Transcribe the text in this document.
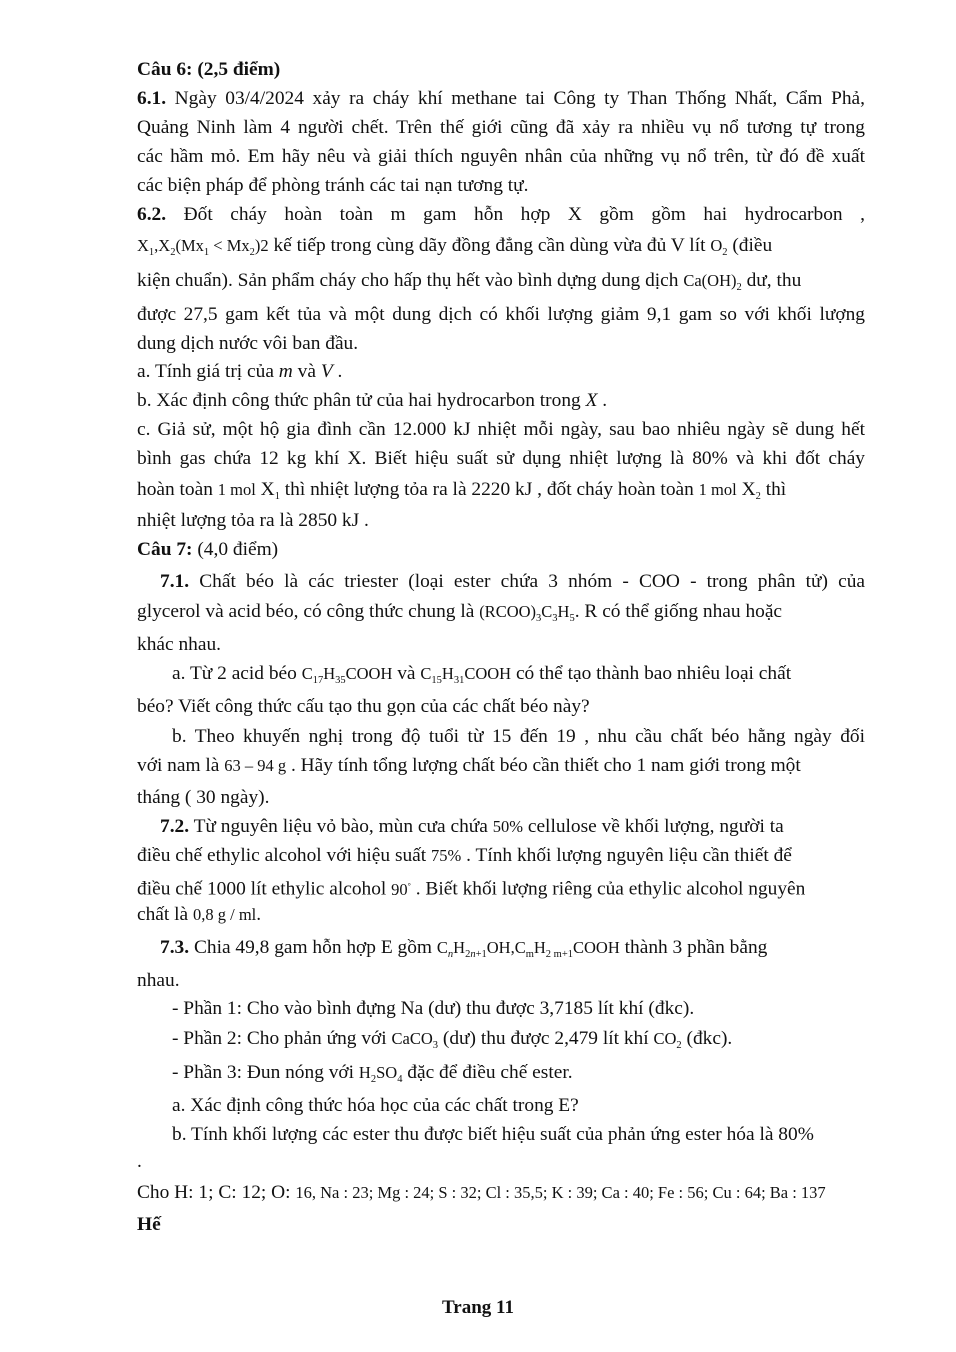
Câu 6: (2,5 điểm)
6.1. Ngày 03/4/2024 xảy ra cháy khí methane tai Công ty Than Thống Nhất, Cẩm Phả,
Quảng Ninh làm 4 người chết. Trên thế giới cũng đã xảy ra nhiều vụ nổ tương tự trong
các hầm mỏ. Em hãy nêu và giải thích nguyên nhân của những vụ nổ trên, từ đó đề xuất
các biện pháp để phòng tránh các tai nạn tương tự.
6.2. Đốt cháy hoàn toàn m gam hỗn hợp X gồm gồm hai hydrocarbon ,
$X_1,X_2(Mx_1 < Mx_2)2$ kế tiếp trong cùng dãy đồng đẳng cần dùng vừa đủ V lít $O_2$ (điều
kiện chuẩn). Sản phẩm cháy cho hấp thụ hết vào bình dựng dung dịch $Ca(OH)_2$ dư, thu
được 27,5 gam kết tủa và một dung dịch có khối lượng giảm 9,1 gam so với khối lượng
dung dịch nước vôi ban đầu.
a. Tính giá trị của m và V .
b. Xác định công thức phân tử của hai hydrocarbon trong X .
c. Giả sử, một hộ gia đình cần 12.000 kJ nhiệt mỗi ngày, sau bao nhiêu ngày sẽ dung hết
bình gas chứa 12 kg khí X. Biết hiệu suất sử dụng nhiệt lượng là 80% và khi đốt cháy
hoàn toàn 1 mol $X_1$ thì nhiệt lượng tỏa ra là 2220 kJ , đốt cháy hoàn toàn 1 mol $X_2$ thì
nhiệt lượng tỏa ra là 2850 kJ .
Câu 7: (4,0 điểm)
7.1. Chất béo là các triester (loại ester chứa 3 nhóm - COO - trong phân tử) của
glycerol và acid béo, có công thức chung là $(RCOO)_3C_3H_5$. R có thể giống nhau hoặc
khác nhau.
a. Từ 2 acid béo $C_{17}H_{35}COOH$ và $C_{15}H_{31}COOH$ có thể tạo thành bao nhiêu loại chất
béo? Viết công thức cấu tạo thu gọn của các chất béo này?
b. Theo khuyến nghị trong độ tuổi từ 15 đến 19 , nhu cầu chất béo hằng ngày đối
với nam là 63 – 94 g . Hãy tính tổng lượng chất béo cần thiết cho 1 nam giới trong một
tháng ( 30 ngày).
7.2. Từ nguyên liệu vỏ bào, mùn cưa chứa 50% cellulose về khối lượng, người ta
điều chế ethylic alcohol với hiệu suất 75% . Tính khối lượng nguyên liệu cần thiết để
điều chế 1000 lít ethylic alcohol 90° . Biết khối lượng riêng của ethylic alcohol nguyên
chất là 0,8 g / ml.
7.3. Chia 49,8 gam hỗn hợp E gồm $C_nH_{2n+1}OH,C_mH_{2 m+1}COOH$ thành 3 phần bằng
nhau.
- Phần 1: Cho vào bình đựng Na (dư) thu được 3,7185 lít khí (đkc).
- Phần 2: Cho phản ứng với CaCO$_3$ (dư) thu được 2,479 lít khí $CO_2$ (đkc).
- Phần 3: Đun nóng với $H_2SO_4$ đặc để điều chế ester.
a. Xác định công thức hóa học của các chất trong E?
b. Tính khối lượng các ester thu được biết hiệu suất của phản ứng ester hóa là 80%
.
Cho H: 1; C: 12; O: 16, Na : 23; Mg : 24; S : 32; Cl : 35,5; K : 39; Ca : 40; Fe : 56; Cu : 64; Ba : 137
Hế
Trang 11
